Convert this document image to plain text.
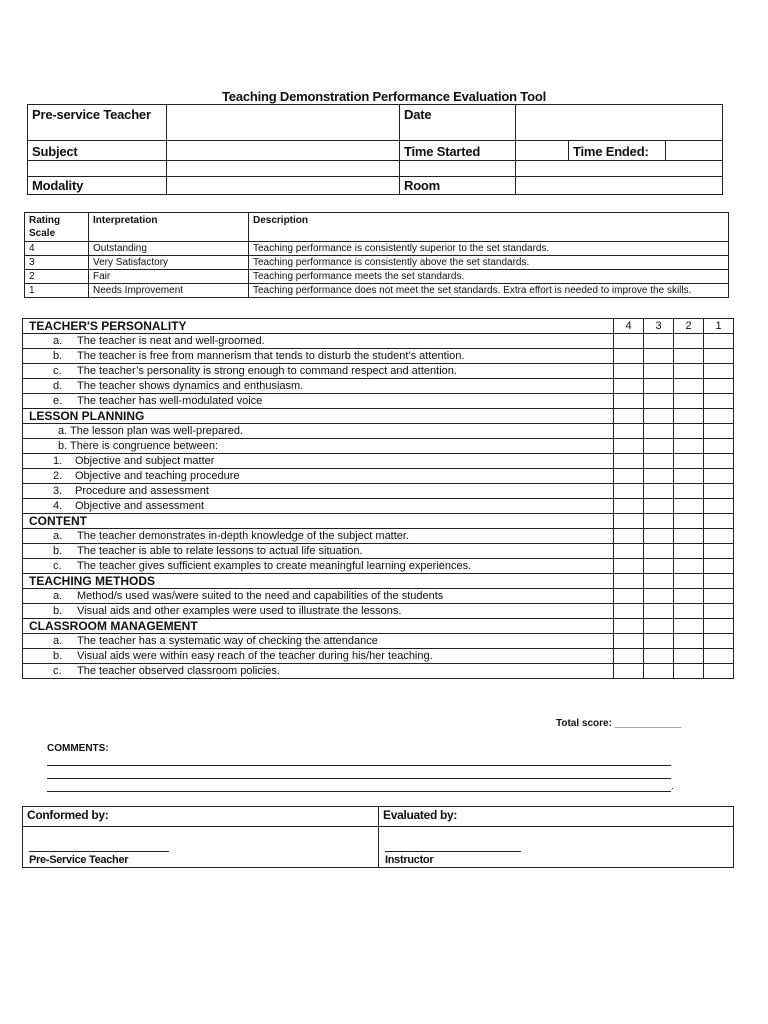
Teaching Demonstration Performance Evaluation Tool
Pre-service Teacher		Date			
Subject		Time Started		Time Ended:	

Modality		Room			
Rating Scale	Interpretation	Description
4	Outstanding	Teaching performance is consistently superior to the set standards.
3	Very Satisfactory	Teaching performance is consistently above the set standards.
2	Fair	Teaching performance meets the set standards.
1	Needs Improvement	Teaching performance does not meet the set standards. Extra effort is needed to improve the skills.
TEACHER'S PERSONALITY	4	3	2	1
a. The teacher is neat and well-groomed.				
b. The teacher is free from mannerism that tends to disturb the student’s attention.				
c. The teacher’s personality is strong enough to command respect and attention.				
d. The teacher shows dynamics and enthusiasm.				
e. The teacher has well-modulated voice				
LESSON PLANNING				
a. The lesson plan was well-prepared.				
b. There is congruence between:				
1. Objective and subject matter				
2. Objective and teaching procedure				
3. Procedure and assessment				
4. Objective and assessment				
CONTENT				
a. The teacher demonstrates in-depth knowledge of the subject matter.				
b. The teacher is able to relate lessons to actual life situation.				
c. The teacher gives sufficient examples to create meaningful learning experiences.				
TEACHING METHODS				
a. Method/s used was/were suited to the need and capabilities of the students				
b. Visual aids and other examples were used to illustrate the lessons.				
CLASSROOM MANAGEMENT				
a. The teacher has a systematic way of checking the attendance				
b. Visual aids were within easy reach of the teacher during his/her teaching.				
c. The teacher observed classroom policies.				
Total score: ____________
COMMENTS:
.
Conformed by:	Evaluated by:

Pre-Service Teacher	Instructor
